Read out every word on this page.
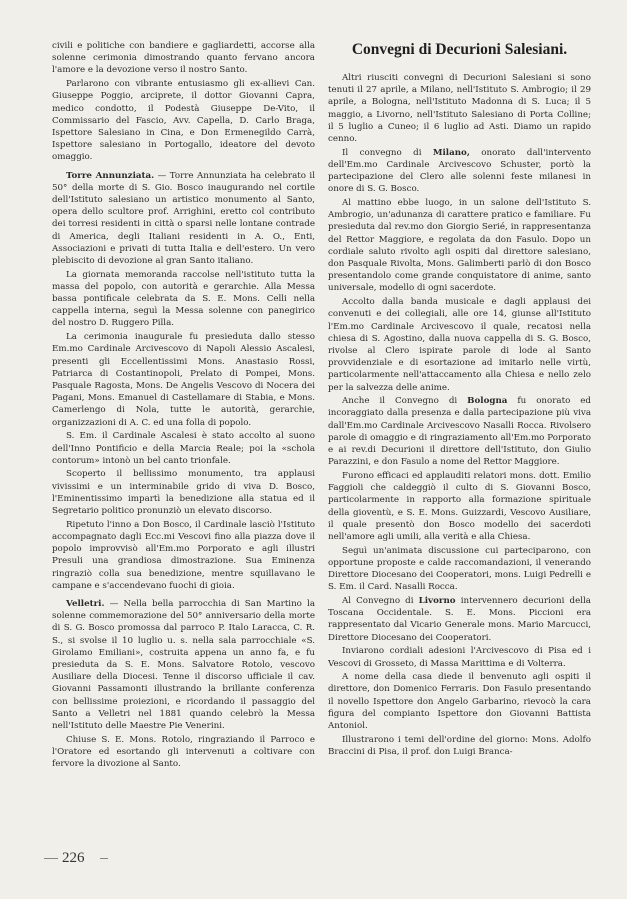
civili e politiche con bandiere e gagliardetti, accorse alla solenne cerimonia dimostrando quanto fervano ancora l'amore e la devozione verso il nostro Santo.

Parlarono con vibrante entusiasmo gli ex-allievi Can. Giuseppe Poggio, arciprete, il dottor Giovanni Capra, medico condotto, il Podestà Giuseppe De-Vito, il Commissario del Fascio, Avv. Capella, D. Carlo Braga, Ispettore Salesiano in Cina, e Don Ermenegildo Carrà, Ispettore salesiano in Portogallo, ideatore del devoto omaggio.

Torre Annunziata. — Torre Annunziata ha celebrato il 50° della morte di S. Gio. Bosco inaugurando nel cortile dell'Istituto salesiano un artistico monumento al Santo, opera dello scultore prof. Arrighini, eretto col contributo dei torresi residenti in città o sparsi nelle lontane contrade di America, degli Italiani residenti in A. O., Enti, Associazioni e privati di tutta Italia e dell'estero. Un vero plebiscito di devozione al gran Santo italiano.

La giornata memoranda raccolse nell'istituto tutta la massa del popolo, con autorità e gerarchie. Alla Messa bassa pontificale celebrata da S. E. Mons. Celli nella cappella interna, seguì la Messa solenne con panegirico del nostro D. Ruggero Pilla.

La cerimonia inaugurale fu presieduta dallo stesso Em.mo Cardinale Arcivescovo di Napoli Alessio Ascalesi, presenti gli Eccellentissimi Mons. Anastasio Rossi, Patriarca di Costantinopoli, Prelato di Pompei, Mons. Pasquale Ragosta, Mons. De Angelis Vescovo di Nocera dei Pagani, Mons. Emanuel di Castellamare di Stabia, e Mons. Camerlengo di Nola, tutte le autorità, gerarchie, organizzazioni di A. C. ed una folla di popolo.

S. Em. il Cardinale Ascalesi è stato accolto al suono dell'Inno Pontificio e della Marcia Reale; poi la «schola contorum» intonò un bel canto trionfale.

Scoperto il bellissimo monumento, tra applausi vivissimi e un interminabile grido di viva D. Bosco, l'Eminentissimo impartì la benedizione alla statua ed il Segretario politico pronunziò un elevato discorso.

Ripetuto l'inno a Don Bosco, il Cardinale lasciò l'Istituto accompagnato dagli Ecc.mi Vescovi fino alla piazza dove il popolo improvvisò all'Em.mo Porporato e agli illustri Presuli una grandiosa dimostrazione. Sua Eminenza ringraziò colla sua benedizione, mentre squillavano le campane e s'accendevano fuochi di gioia.

Velletri. — Nella bella parrocchia di San Martino la solenne commemorazione del 50° anniversario della morte di S. G. Bosco promossa dal parroco P. Italo Laracca, C. R. S., si svolse il 10 luglio u. s. nella sala parrocchiale «S. Girolamo Emiliani», costruita appena un anno fa, e fu presieduta da S. E. Mons. Salvatore Rotolo, vescovo Ausiliare della Diocesi. Tenne il discorso ufficiale il cav. Giovanni Passamonti illustrando la brillante conferenza con bellissime proiezioni, e ricordando il passaggio del Santo a Velletri nel 1881 quando celebrò la Messa nell'Istituto delle Maestre Pie Venerini.

Chiuse S. E. Mons. Rotolo, ringraziando il Parroco e l'Oratore ed esortando gli intervenuti a coltivare con fervore la divozione al Santo.

Convegni di Decurioni Salesiani.

Altri riusciti convegni di Decurioni Salesiani si sono tenuti il 27 aprile, a Milano, nell'Istituto S. Ambrogio; il 29 aprile, a Bologna, nell'Istituto Madonna di S. Luca; il 5 maggio, a Livorno, nell'Istituto Salesiano di Porta Colline; il 5 luglio a Cuneo; il 6 luglio ad Asti. Diamo un rapido cenno.

Il convegno di Milano, onorato dall'intervento dell'Em.mo Cardinale Arcivescovo Schuster, portò la partecipazione del Clero alle solenni feste milanesi in onore di S. G. Bosco.

Al mattino ebbe luogo, in un salone dell'Istituto S. Ambrogio, un'adunanza di carattere pratico e familiare. Fu presieduta dal rev.mo don Giorgio Serié, in rappresentanza del Rettor Maggiore, e regolata da don Fasulo. Dopo un cordiale saluto rivolto agli ospiti dal direttore salesiano, don Pasquale Rivolta, Mons. Galimberti parlò di don Bosco presentandolo come grande conquistatore di anime, santo universale, modello di ogni sacerdote.

Accolto dalla banda musicale e dagli applausi dei convenuti e dei collegiali, alle ore 14, giunse all'Istituto l'Em.mo Cardinale Arcivescovo il quale, recatosi nella chiesa di S. Agostino, dalla nuova cappella di S. G. Bosco, rivolse al Clero ispirate parole di lode al Santo provvidenziale e di esortazione ad imitarlo nelle virtù, particolarmente nell'attaccamento alla Chiesa e nello zelo per la salvezza delle anime.

Anche il Convegno di Bologna fu onorato ed incoraggiato dalla presenza e dalla partecipazione più viva dall'Em.mo Cardinale Arcivescovo Nasalli Rocca. Rivolsero parole di omaggio e di ringraziamento all'Em.mo Porporato e ai rev.di Decurioni il direttore dell'Istituto, don Giulio Parazzini, e don Fasulo a nome del Rettor Maggiore.

Furono efficaci ed applauditi relatori mons. dott. Emilio Faggioli che caldeggiò il culto di S. Giovanni Bosco, particolarmente in rapporto alla formazione spirituale della gioventù, e S. E. Mons. Guizzardi, Vescovo Ausiliare, il quale presentò don Bosco modello dei sacerdoti nell'amore agli umili, alla verità e alla Chiesa.

Seguì un'animata discussione cui parteciparono, con opportune proposte e calde raccomandazioni, il venerando Direttore Diocesano dei Cooperatori, mons. Luigi Pedrelli e S. Em. il Card. Nasalli Rocca.

Al Convegno di Livorno intervennero decurioni della Toscana Occidentale. S. E. Mons. Piccioni era rappresentato dal Vicario Generale mons. Mario Marcucci, Direttore Diocesano dei Cooperatori.

Inviarono cordiali adesioni l'Arcivescovo di Pisa ed i Vescovi di Grosseto, di Massa Marittima e di Volterra.

A nome della casa diede il benvenuto agli ospiti il direttore, don Domenico Ferraris. Don Fasulo presentando il novello Ispettore don Angelo Garbarino, rievocò la cara figura del compianto Ispettore don Giovanni Battista Antoniol.

Illustrarono i temi dell'ordine del giorno: Mons. Adolfo Braccini di Pisa, il prof. don Luigi Branca-

226
